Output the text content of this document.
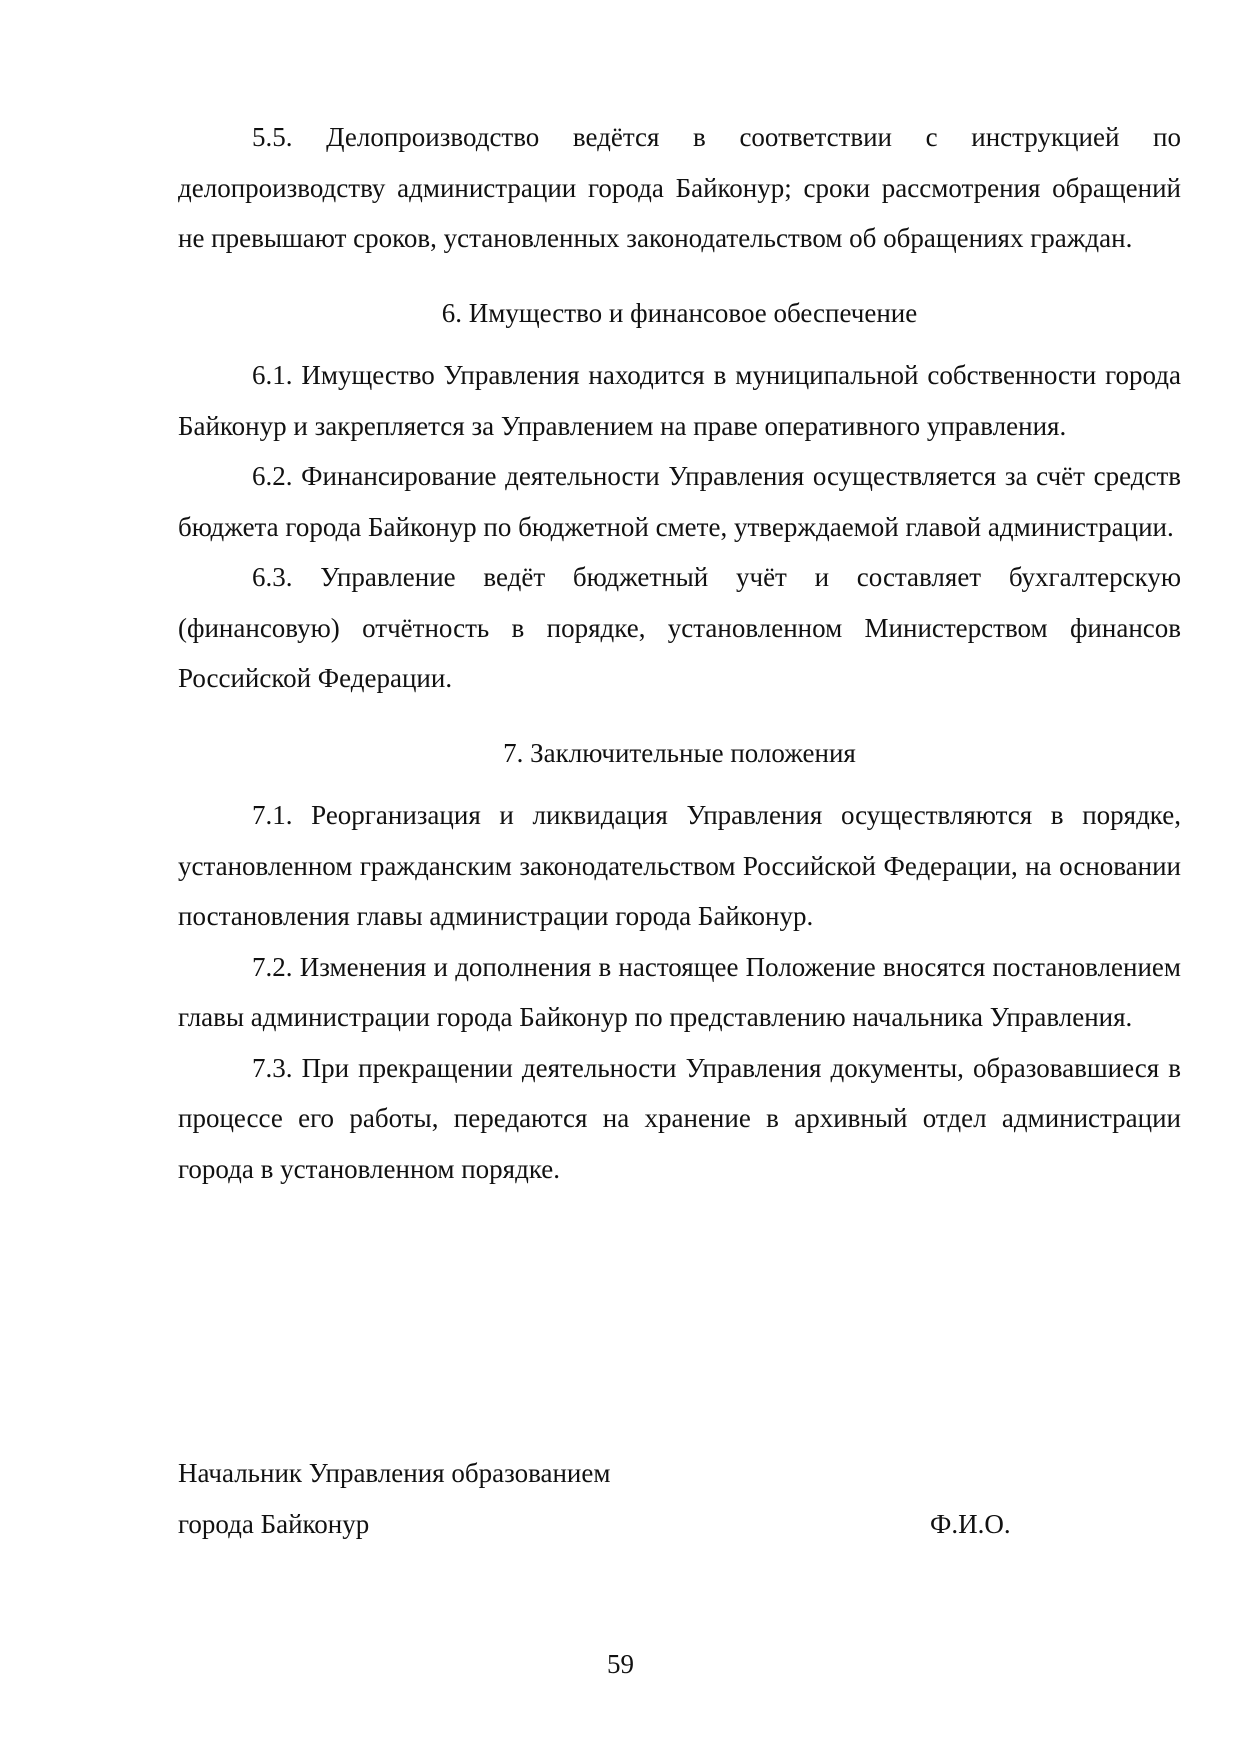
5.5. Делопроизводство ведётся в соответствии с инструкцией по делопроизводству администрации города Байконур; сроки рассмотрения обращений не превышают сроков, установленных законодательством об обращениях граждан.

6. Имущество и финансовое обеспечение

6.1. Имущество Управления находится в муниципальной собственности города Байконур и закрепляется за Управлением на праве оперативного управления.

6.2. Финансирование деятельности Управления осуществляется за счёт средств бюджета города Байконур по бюджетной смете, утверждаемой главой администрации.

6.3. Управление ведёт бюджетный учёт и составляет бухгалтерскую (финансовую) отчётность в порядке, установленном Министерством финансов Российской Федерации.

7. Заключительные положения

7.1. Реорганизация и ликвидация Управления осуществляются в порядке, установленном гражданским законодательством Российской Федерации, на основании постановления главы администрации города Байконур.

7.2. Изменения и дополнения в настоящее Положение вносятся постановлением главы администрации города Байконур по представлению начальника Управления.

7.3. При прекращении деятельности Управления документы, образовавшиеся в процессе его работы, передаются на хранение в архивный отдел администрации города в установленном порядке.

Начальник Управления образованием
города Байконур	Ф.И.О.
59
